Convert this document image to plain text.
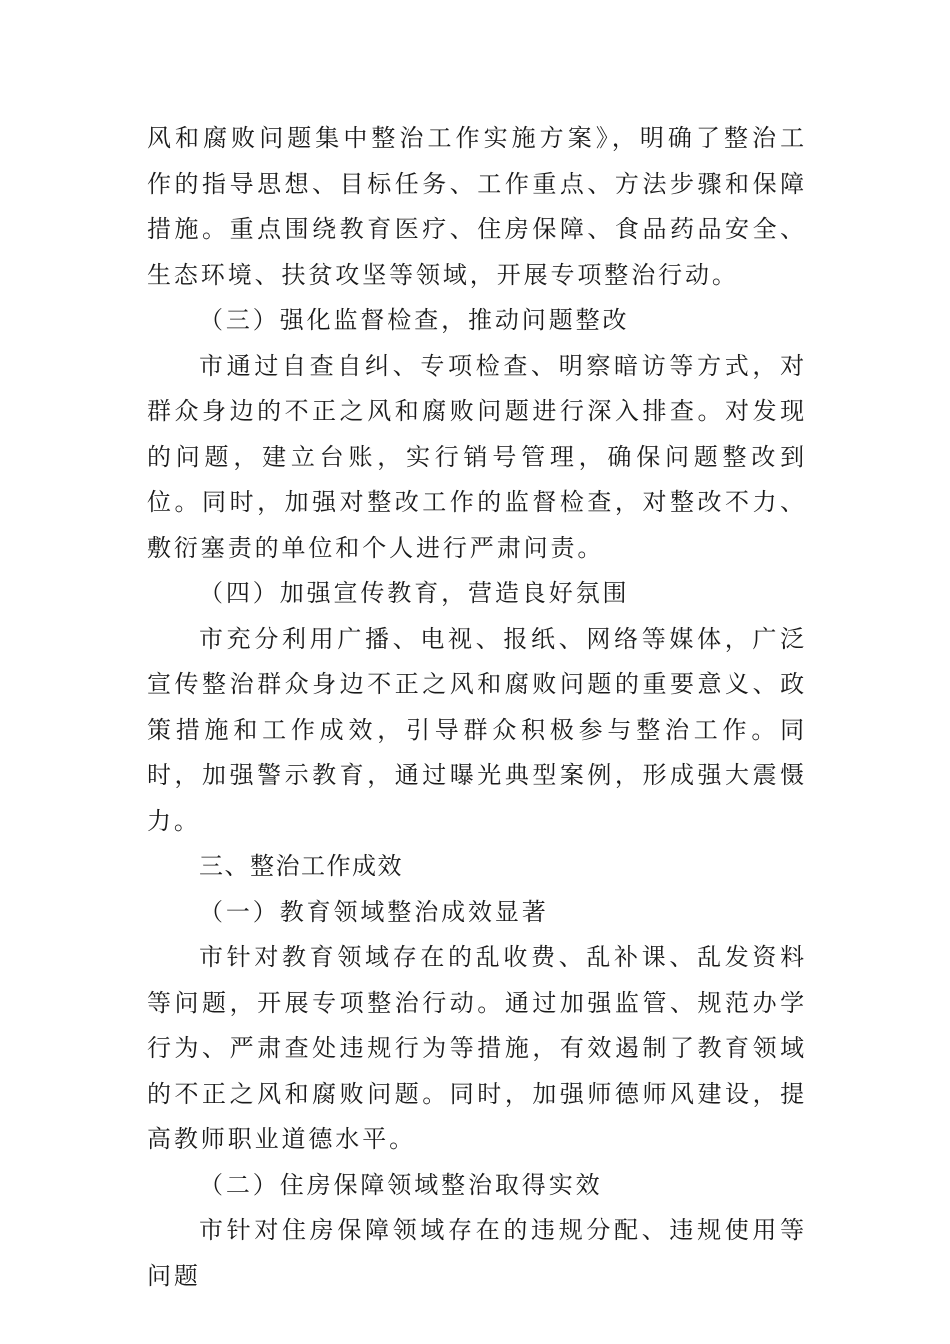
风和腐败问题集中整治工作实施方案》，明确了整治工作的指导思想、目标任务、工作重点、方法步骤和保障措施。重点围绕教育医疗、住房保障、食品药品安全、生态环境、扶贫攻坚等领域，开展专项整治行动。

（三）强化监督检查，推动问题整改

市通过自查自纠、专项检查、明察暗访等方式，对群众身边的不正之风和腐败问题进行深入排查。对发现的问题，建立台账，实行销号管理，确保问题整改到位。同时，加强对整改工作的监督检查，对整改不力、敷衍塞责的单位和个人进行严肃问责。

（四）加强宣传教育，营造良好氛围

市充分利用广播、电视、报纸、网络等媒体，广泛宣传整治群众身边不正之风和腐败问题的重要意义、政策措施和工作成效，引导群众积极参与整治工作。同时，加强警示教育，通过曝光典型案例，形成强大震慑力。

三、整治工作成效

（一）教育领域整治成效显著

市针对教育领域存在的乱收费、乱补课、乱发资料等问题，开展专项整治行动。通过加强监管、规范办学行为、严肃查处违规行为等措施，有效遏制了教育领域的不正之风和腐败问题。同时，加强师德师风建设，提高教师职业道德水平。

（二）住房保障领域整治取得实效

市针对住房保障领域存在的违规分配、违规使用等问题
